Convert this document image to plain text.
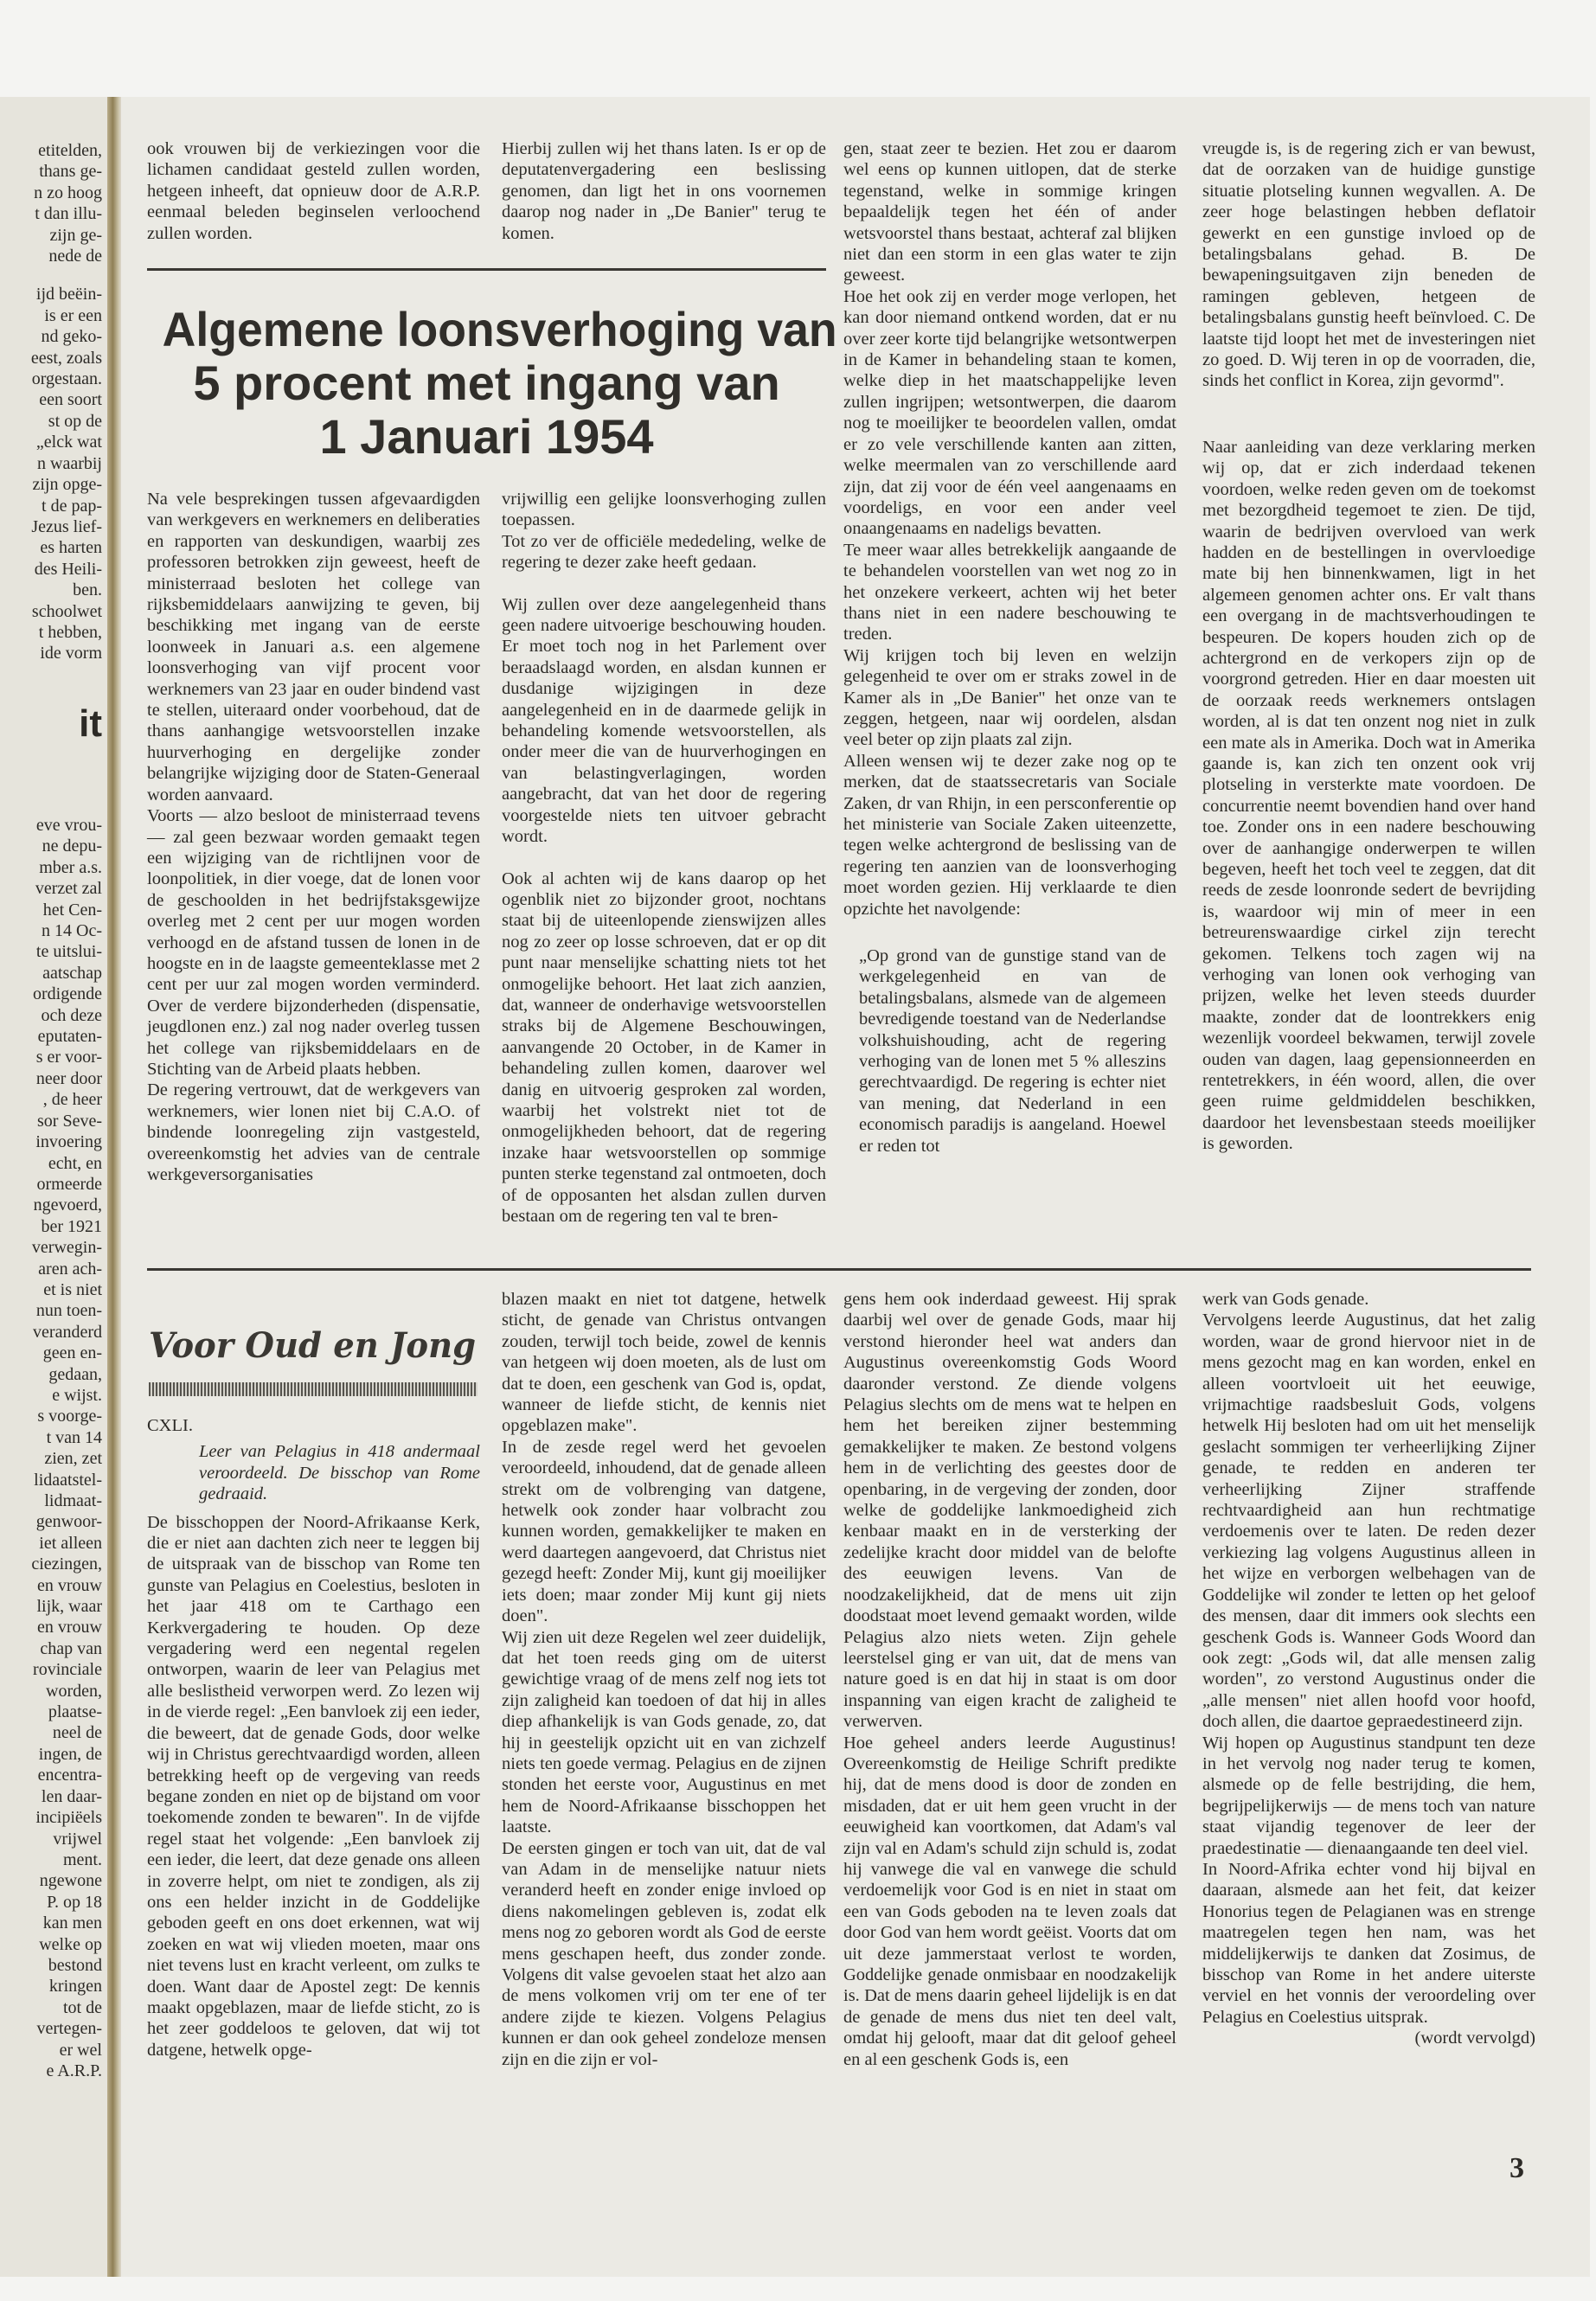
etitelden,
thans ge-
n zo hoog
t dan illu-
zijn ge-
nede de
ijd beëin-
is er een
nd geko-
eest, zoals
orgestaan.
een soort
st op de
„elck wat
n waarbij
zijn opge-
t de pap-
Jezus lief-
es harten
des Heili-
ben.
schoolwet
t hebben,
ide vorm
it
eve vrou-
ne depu-
mber a.s.
verzet zal
het Cen-
n 14 Oc-
te uitslui-
aatschap
ordigende
och deze
eputaten-
s er voor-
neer door
, de heer
sor Seve-
invoering
echt, en
ormeerde
ngevoerd,
ber 1921
verwegin-
aren ach-
et is niet
nun toen-
veranderd
geen en-
gedaan,
e wijst.
s voorge-
t van 14
zien, zet
lidaatstel-
lidmaat-
genwoor-
iet alleen
ciezingen,
en vrouw
lijk, waar
en vrouw
chap van
rovinciale
worden,
plaatse-
neel de
ingen, de
encentra-
len daar-
incipiëels
vrijwel
ment.
ngewone
P. op 18
kan men
welke op
bestond
kringen
tot de
vertegen-
er wel
e A.R.P.

ook vrouwen bij de verkiezingen voor die lichamen candidaat gesteld zullen worden, hetgeen inheeft, dat opnieuw door de A.R.P. eenmaal beleden beginselen verloochend zullen worden.

Hierbij zullen wij het thans laten. Is er op de deputatenvergadering een beslissing genomen, dan ligt het in ons voornemen daarop nog nader in „De Banier" terug te komen.

Algemene loonsverhoging van
5 procent met ingang van
1 Januari 1954

Na vele besprekingen tussen afgevaardigden van werkgevers en werknemers en deliberaties en rapporten van deskundigen, waarbij zes professoren betrokken zijn geweest, heeft de ministerraad besloten het college van rijksbemiddelaars aanwijzing te geven, bij beschikking met ingang van de eerste loonweek in Januari a.s. een algemene loonsverhoging van vijf procent voor werknemers van 23 jaar en ouder bindend vast te stellen, uiteraard onder voorbehoud, dat de thans aanhangige wetsvoorstellen inzake huurverhoging en dergelijke zonder belangrijke wijziging door de Staten-Generaal worden aanvaard.

Voorts — alzo besloot de ministerraad tevens — zal geen bezwaar worden gemaakt tegen een wijziging van de richtlijnen voor de loonpolitiek, in dier voege, dat de lonen voor de geschoolden in het bedrijfstaksgewijze overleg met 2 cent per uur mogen worden verhoogd en de afstand tussen de lonen in de hoogste en in de laagste gemeenteklasse met 2 cent per uur zal mogen worden verminderd. Over de verdere bijzonderheden (dispensatie, jeugdlonen enz.) zal nog nader overleg tussen het college van rijksbemiddelaars en de Stichting van de Arbeid plaats hebben.

De regering vertrouwt, dat de werkgevers van werknemers, wier lonen niet bij C.A.O. of bindende loonregeling zijn vastgesteld, overeenkomstig het advies van de centrale werkgeversorganisaties

vrijwillig een gelijke loonsverhoging zullen toepassen.

Tot zo ver de officiële mededeling, welke de regering te dezer zake heeft gedaan.

Wij zullen over deze aangelegenheid thans geen nadere uitvoerige beschouwing houden. Er moet toch nog in het Parlement over beraadslaagd worden, en alsdan kunnen er dusdanige wijzigingen in deze aangelegenheid en in de daarmede gelijk in behandeling komende wetsvoorstellen, als onder meer die van de huurverhogingen en van belastingverlagingen, worden aangebracht, dat van het door de regering voorgestelde niets ten uitvoer gebracht wordt.

Ook al achten wij de kans daarop op het ogenblik niet zo bijzonder groot, nochtans staat bij de uiteenlopende zienswijzen alles nog zo zeer op losse schroeven, dat er op dit punt naar menselijke schatting niets tot het onmogelijke behoort. Het laat zich aanzien, dat, wanneer de onderhavige wetsvoorstellen straks bij de Algemene Beschouwingen, aanvangende 20 October, in de Kamer in behandeling zullen komen, daarover wel danig en uitvoerig gesproken zal worden, waarbij het volstrekt niet tot de onmogelijkheden behoort, dat de regering inzake haar wetsvoorstellen op sommige punten sterke tegenstand zal ontmoeten, doch of de opposanten het alsdan zullen durven bestaan om de regering ten val te bren-

gen, staat zeer te bezien. Het zou er daarom wel eens op kunnen uitlopen, dat de sterke tegenstand, welke in sommige kringen bepaaldelijk tegen het één of ander wetsvoorstel thans bestaat, achteraf zal blijken niet dan een storm in een glas water te zijn geweest.

Hoe het ook zij en verder moge verlopen, het kan door niemand ontkend worden, dat er nu over zeer korte tijd belangrijke wetsontwerpen in de Kamer in behandeling staan te komen, welke diep in het maatschappelijke leven zullen ingrijpen; wetsontwerpen, die daarom nog te moeilijker te beoordelen vallen, omdat er zo vele verschillende kanten aan zitten, welke meermalen van zo verschillende aard zijn, dat zij voor de één veel aangenaams en voordeligs, en voor een ander veel onaangenaams en nadeligs bevatten.

Te meer waar alles betrekkelijk aangaande de te behandelen voorstellen van wet nog zo in het onzekere verkeert, achten wij het beter thans niet in een nadere beschouwing te treden.

Wij krijgen toch bij leven en welzijn gelegenheid te over om er straks zowel in de Kamer als in „De Banier" het onze van te zeggen, hetgeen, naar wij oordelen, alsdan veel beter op zijn plaats zal zijn.

Alleen wensen wij te dezer zake nog op te merken, dat de staatssecretaris van Sociale Zaken, dr van Rhijn, in een persconferentie op het ministerie van Sociale Zaken uiteenzette, tegen welke achtergrond de beslissing van de regering ten aanzien van de loonsverhoging moet worden gezien. Hij verklaarde te dien opzichte het navolgende:

„Op grond van de gunstige stand van de werkgelegenheid en van de betalingsbalans, alsmede van de algemeen bevredigende toestand van de Nederlandse volkshuishouding, acht de regering verhoging van de lonen met 5 % alleszins gerechtvaardigd. De regering is echter niet van mening, dat Nederland in een economisch paradijs is aangeland. Hoewel er reden tot

vreugde is, is de regering zich er van bewust, dat de oorzaken van de huidige gunstige situatie plotseling kunnen wegvallen. A. De zeer hoge belastingen hebben deflatoir gewerkt en een gunstige invloed op de betalingsbalans gehad. B. De bewapeningsuitgaven zijn beneden de ramingen gebleven, hetgeen de betalingsbalans gunstig heeft beïnvloed. C. De laatste tijd loopt het met de investeringen niet zo goed. D. Wij teren in op de voorraden, die, sinds het conflict in Korea, zijn gevormd".

Naar aanleiding van deze verklaring merken wij op, dat er zich inderdaad tekenen voordoen, welke reden geven om de toekomst met bezorgdheid tegemoet te zien. De tijd, waarin de bedrijven overvloed van werk hadden en de bestellingen in overvloedige mate bij hen binnenkwamen, ligt in het algemeen genomen achter ons. Er valt thans een overgang in de machtsverhoudingen te bespeuren. De kopers houden zich op de achtergrond en de verkopers zijn op de voorgrond getreden. Hier en daar moesten uit de oorzaak reeds werknemers ontslagen worden, al is dat ten onzent nog niet in zulk een mate als in Amerika. Doch wat in Amerika gaande is, kan zich ten onzent ook vrij plotseling in versterkte mate voordoen. De concurrentie neemt bovendien hand over hand toe. Zonder ons in een nadere beschouwing over de aanhangige onderwerpen te willen begeven, heeft het toch veel te zeggen, dat dit reeds de zesde loonronde sedert de bevrijding is, waardoor wij min of meer in een betreurenswaardige cirkel zijn terecht gekomen. Telkens toch zagen wij na verhoging van lonen ook verhoging van prijzen, welke het leven steeds duurder maakte, zonder dat de loontrekkers enig wezenlijk voordeel bekwamen, terwijl zovele ouden van dagen, laag gepensionneerden en rentetrekkers, in één woord, allen, die over geen ruime geldmiddelen beschikken, daardoor het levensbestaan steeds moeilijker is geworden.

Voor Oud en Jong

CXLI.

Leer van Pelagius in 418 andermaal veroordeeld. De bisschop van Rome gedraaid.

De bisschoppen der Noord-Afrikaanse Kerk, die er niet aan dachten zich neer te leggen bij de uitspraak van de bisschop van Rome ten gunste van Pelagius en Coelestius, besloten in het jaar 418 om te Carthago een Kerkvergadering te houden. Op deze vergadering werd een negental regelen ontworpen, waarin de leer van Pelagius met alle beslistheid verworpen werd. Zo lezen wij in de vierde regel: „Een banvloek zij een ieder, die beweert, dat de genade Gods, door welke wij in Christus gerechtvaardigd worden, alleen betrekking heeft op de vergeving van reeds begane zonden en niet op de bijstand om voor toekomende zonden te bewaren". In de vijfde regel staat het volgende: „Een banvloek zij een ieder, die leert, dat deze genade ons alleen in zoverre helpt, om niet te zondigen, als zij ons een helder inzicht in de Goddelijke geboden geeft en ons doet erkennen, wat wij zoeken en wat wij vlieden moeten, maar ons niet tevens lust en kracht verleent, om zulks te doen. Want daar de Apostel zegt: De kennis maakt opgeblazen, maar de liefde sticht, zo is het zeer goddeloos te geloven, dat wij tot datgene, hetwelk opge-

blazen maakt en niet tot datgene, hetwelk sticht, de genade van Christus ontvangen zouden, terwijl toch beide, zowel de kennis van hetgeen wij doen moeten, als de lust om dat te doen, een geschenk van God is, opdat, wanneer de liefde sticht, de kennis niet opgeblazen make".

In de zesde regel werd het gevoelen veroordeeld, inhoudend, dat de genade alleen strekt om de volbrenging van datgene, hetwelk ook zonder haar volbracht zou kunnen worden, gemakkelijker te maken en werd daartegen aangevoerd, dat Christus niet gezegd heeft: Zonder Mij, kunt gij moeilijker iets doen; maar zonder Mij kunt gij niets doen".

Wij zien uit deze Regelen wel zeer duidelijk, dat het toen reeds ging om de uiterst gewichtige vraag of de mens zelf nog iets tot zijn zaligheid kan toedoen of dat hij in alles diep afhankelijk is van Gods genade, zo, dat hij in geestelijk opzicht uit en van zichzelf niets ten goede vermag. Pelagius en de zijnen stonden het eerste voor, Augustinus en met hem de Noord-Afrikaanse bisschoppen het laatste.

De eersten gingen er toch van uit, dat de val van Adam in de menselijke natuur niets veranderd heeft en zonder enige invloed op diens nakomelingen gebleven is, zodat elk mens nog zo geboren wordt als God de eerste mens geschapen heeft, dus zonder zonde. Volgens dit valse gevoelen staat het alzo aan de mens volkomen vrij om ter ene of ter andere zijde te kiezen. Volgens Pelagius kunnen er dan ook geheel zondeloze mensen zijn en die zijn er vol-

gens hem ook inderdaad geweest. Hij sprak daarbij wel over de genade Gods, maar hij verstond hieronder heel wat anders dan Augustinus overeenkomstig Gods Woord daaronder verstond. Ze diende volgens Pelagius slechts om de mens wat te helpen en hem het bereiken zijner bestemming gemakkelijker te maken. Ze bestond volgens hem in de verlichting des geestes door de openbaring, in de vergeving der zonden, door welke de goddelijke lankmoedigheid zich kenbaar maakt en in de versterking der zedelijke kracht door middel van de belofte des eeuwigen levens. Van de noodzakelijkheid, dat de mens uit zijn doodstaat moet levend gemaakt worden, wilde Pelagius alzo niets weten. Zijn gehele leerstelsel ging er van uit, dat de mens van nature goed is en dat hij in staat is om door inspanning van eigen kracht de zaligheid te verwerven.

Hoe geheel anders leerde Augustinus! Overeenkomstig de Heilige Schrift predikte hij, dat de mens dood is door de zonden en misdaden, dat er uit hem geen vrucht in der eeuwigheid kan voortkomen, dat Adam's val zijn val en Adam's schuld zijn schuld is, zodat hij vanwege die val en vanwege die schuld verdoemelijk voor God is en niet in staat om een van Gods geboden na te leven zoals dat door God van hem wordt geëist. Voorts dat om uit deze jammerstaat verlost te worden, Goddelijke genade onmisbaar en noodzakelijk is. Dat de mens daarin geheel lijdelijk is en dat de genade de mens dus niet ten deel valt, omdat hij gelooft, maar dat dit geloof geheel en al een geschenk Gods is, een

werk van Gods genade.

Vervolgens leerde Augustinus, dat het zalig worden, waar de grond hiervoor niet in de mens gezocht mag en kan worden, enkel en alleen voortvloeit uit het eeuwige, vrijmachtige raadsbesluit Gods, volgens hetwelk Hij besloten had om uit het menselijk geslacht sommigen ter verheerlijking Zijner genade, te redden en anderen ter verheerlijking Zijner straffende rechtvaardigheid aan hun rechtmatige verdoemenis over te laten. De reden dezer verkiezing lag volgens Augustinus alleen in het wijze en verborgen welbehagen van de Goddelijke wil zonder te letten op het geloof des mensen, daar dit immers ook slechts een geschenk Gods is. Wanneer Gods Woord dan ook zegt: „Gods wil, dat alle mensen zalig worden", zo verstond Augustinus onder die „alle mensen" niet allen hoofd voor hoofd, doch allen, die daartoe gepraedestineerd zijn.

Wij hopen op Augustinus standpunt ten deze in het vervolg nog nader terug te komen, alsmede op de felle bestrijding, die hem, begrijpelijkerwijs — de mens toch van nature staat vijandig tegenover de leer der praedestinatie — dienaangaande ten deel viel.

In Noord-Afrika echter vond hij bijval en daaraan, alsmede aan het feit, dat keizer Honorius tegen de Pelagianen was en strenge maatregelen tegen hen nam, was het middelijkerwijs te danken dat Zosimus, de bisschop van Rome in het andere uiterste verviel en het vonnis der veroordeling over Pelagius en Coelestius uitsprak.

(wordt vervolgd)

3
